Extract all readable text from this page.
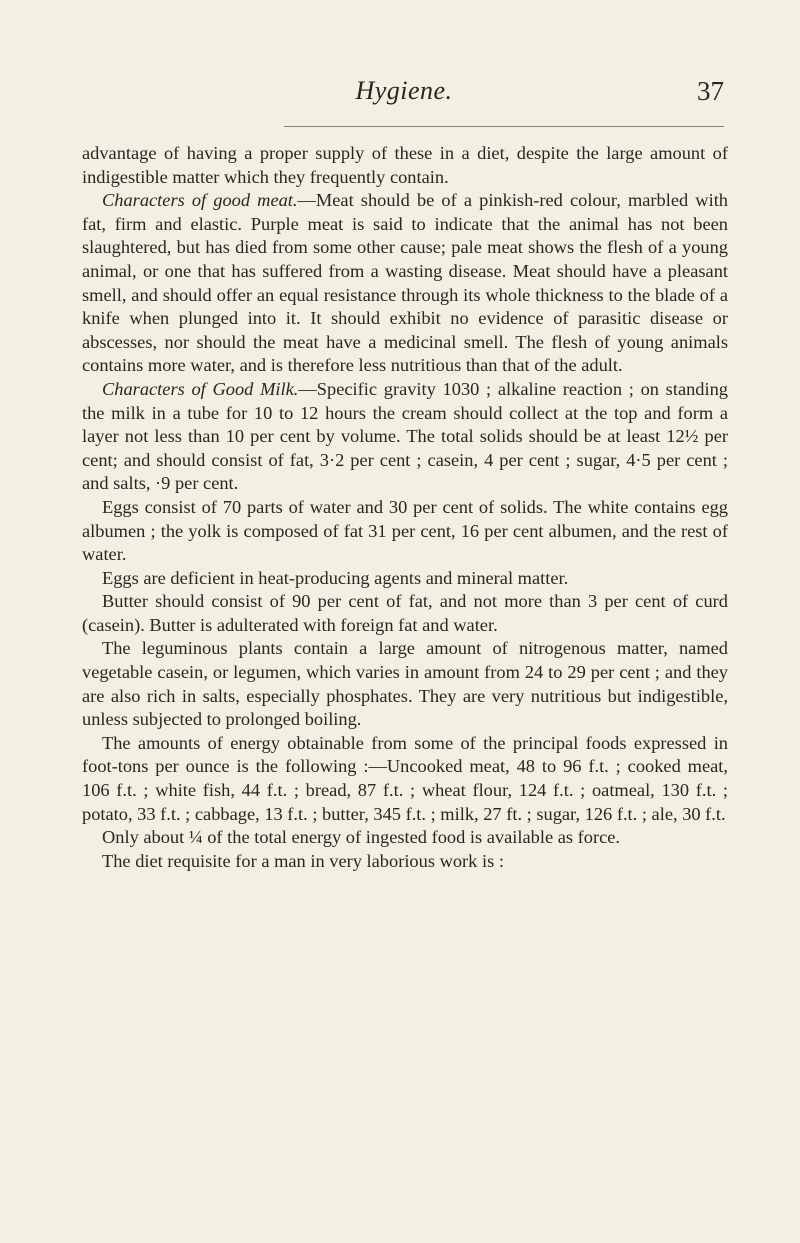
Hygiene.	37

advantage of having a proper supply of these in a diet, despite the large amount of indigestible matter which they frequently contain.

Characters of good meat.—Meat should be of a pinkish-red colour, marbled with fat, firm and elastic. Purple meat is said to indicate that the animal has not been slaughtered, but has died from some other cause; pale meat shows the flesh of a young animal, or one that has suffered from a wasting disease. Meat should have a pleasant smell, and should offer an equal resistance through its whole thickness to the blade of a knife when plunged into it. It should exhibit no evidence of parasitic disease or abscesses, nor should the meat have a medicinal smell. The flesh of young animals contains more water, and is therefore less nutritious than that of the adult.

Characters of Good Milk.—Specific gravity 1030 ; alkaline reaction ; on standing the milk in a tube for 10 to 12 hours the cream should collect at the top and form a layer not less than 10 per cent by volume. The total solids should be at least 12½ per cent; and should consist of fat, 3·2 per cent ; casein, 4 per cent ; sugar, 4·5 per cent ; and salts, ·9 per cent.

Eggs consist of 70 parts of water and 30 per cent of solids. The white contains egg albumen ; the yolk is composed of fat 31 per cent, 16 per cent albumen, and the rest of water.

Eggs are deficient in heat-producing agents and mineral matter.

Butter should consist of 90 per cent of fat, and not more than 3 per cent of curd (casein). Butter is adulterated with foreign fat and water.

The leguminous plants contain a large amount of nitrogenous matter, named vegetable casein, or legumen, which varies in amount from 24 to 29 per cent ; and they are also rich in salts, especially phosphates. They are very nutritious but indigestible, unless subjected to prolonged boiling.

The amounts of energy obtainable from some of the principal foods expressed in foot-tons per ounce is the following :—Uncooked meat, 48 to 96 f.t. ; cooked meat, 106 f.t. ; white fish, 44 f.t. ; bread, 87 f.t. ; wheat flour, 124 f.t. ; oatmeal, 130 f.t. ; potato, 33 f.t. ; cabbage, 13 f.t. ; butter, 345 f.t. ; milk, 27 ft. ; sugar, 126 f.t. ; ale, 30 f.t.

Only about ¼ of the total energy of ingested food is available as force.

The diet requisite for a man in very laborious work is :
